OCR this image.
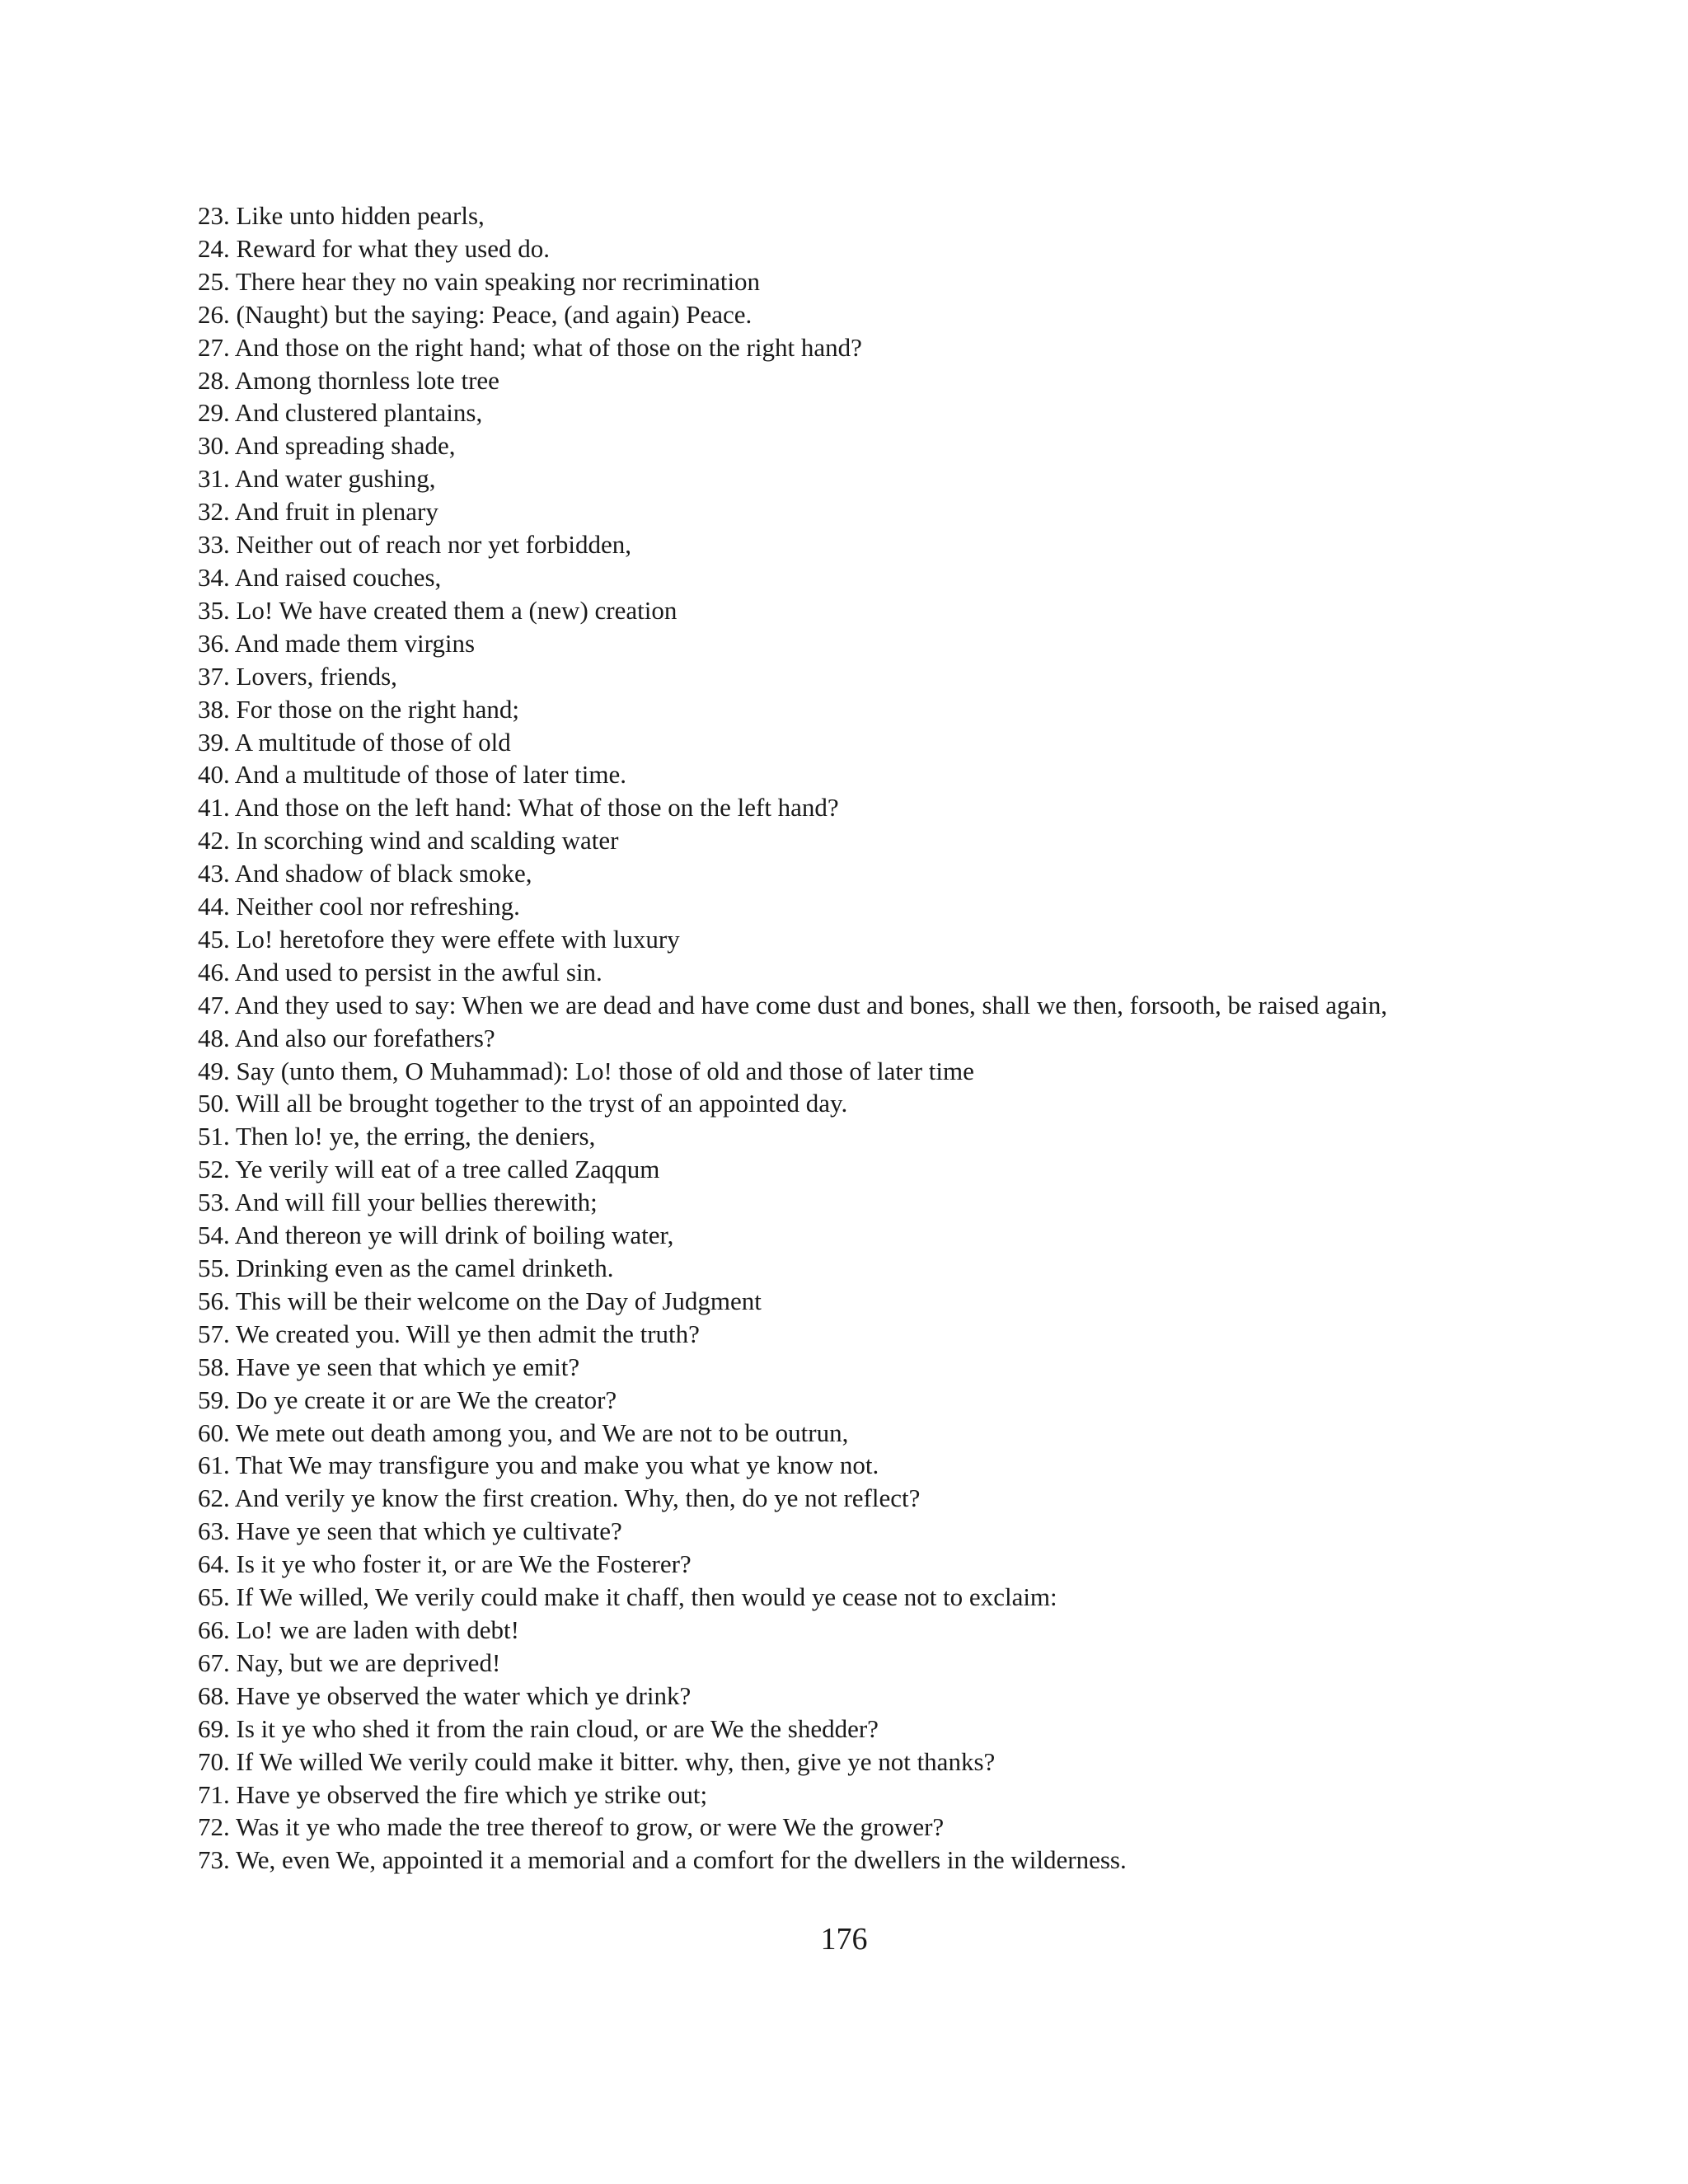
23. Like unto hidden pearls,
24. Reward for what they used do.
25. There hear they no vain speaking nor recrimination
26. (Naught) but the saying: Peace, (and again) Peace.
27. And those on the right hand; what of those on the right hand?
28. Among thornless lote tree
29. And clustered plantains,
30. And spreading shade,
31. And water gushing,
32. And fruit in plenary
33. Neither out of reach nor yet forbidden,
34. And raised couches,
35. Lo! We have created them a (new) creation
36. And made them virgins
37. Lovers, friends,
38. For those on the right hand;
39. A multitude of those of old
40. And a multitude of those of later time.
41. And those on the left hand: What of those on the left hand?
42. In scorching wind and scalding water
43. And shadow of black smoke,
44. Neither cool nor refreshing.
45. Lo! heretofore they were effete with luxury
46. And used to persist in the awful sin.
47. And they used to say: When we are dead and have come dust and bones, shall we then, forsooth, be raised again,
48. And also our forefathers?
49. Say (unto them, O Muhammad): Lo! those of old and those of later time
50. Will all be brought together to the tryst of an appointed day.
51. Then lo! ye, the erring, the deniers,
52. Ye verily will eat of a tree called Zaqqum
53. And will fill your bellies therewith;
54. And thereon ye will drink of boiling water,
55. Drinking even as the camel drinketh.
56. This will be their welcome on the Day of Judgment
57. We created you. Will ye then admit the truth?
58. Have ye seen that which ye emit?
59. Do ye create it or are We the creator?
60. We mete out death among you, and We are not to be outrun,
61. That We may transfigure you and make you what ye know not.
62. And verily ye know the first creation. Why, then, do ye not reflect?
63. Have ye seen that which ye cultivate?
64. Is it ye who foster it, or are We the Fosterer?
65. If We willed, We verily could make it chaff, then would ye cease not to exclaim:
66. Lo! we are laden with debt!
67. Nay, but we are deprived!
68. Have ye observed the water which ye drink?
69. Is it ye who shed it from the rain cloud, or are We the shedder?
70. If We willed We verily could make it bitter. why, then, give ye not thanks?
71. Have ye observed the fire which ye strike out;
72. Was it ye who made the tree thereof to grow, or were We the grower?
73. We, even We, appointed it a memorial and a comfort for the dwellers in the wilderness.
176
